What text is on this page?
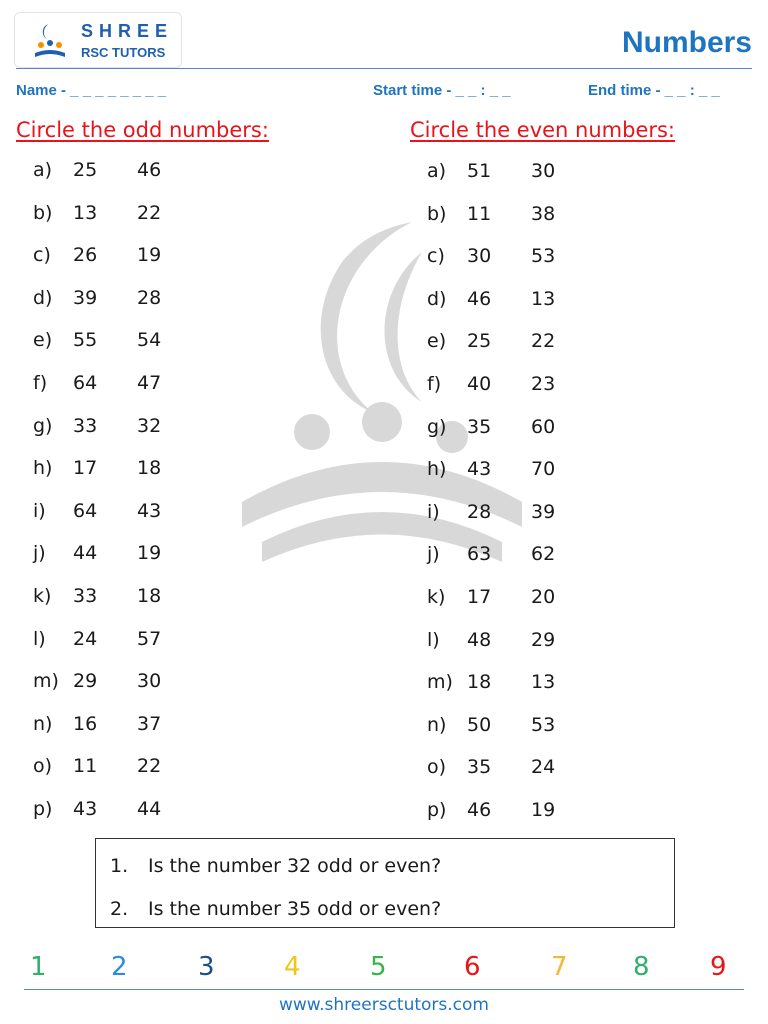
SHREE
RSC TUTORS	Numbers
Name - _ _ _ _ _ _ _ _	Start time - _ _ : _ _	End time - _ _ : _ _
Circle the odd numbers:	Circle the even numbers:
a) 25 46
b) 13 22
c) 26 19
d) 39 28
e) 55 54
f) 64 47
g) 33 32
h) 17 18
i) 64 43
j) 44 19
k) 33 18
l) 24 57
m) 29 30
n) 16 37
o) 11 22
p) 43 44
a) 51 30
b) 11 38
c) 30 53
d) 46 13
e) 25 22
f) 40 23
g) 35 60
h) 43 70
i) 28 39
j) 63 62
k) 17 20
l) 48 29
m) 18 13
n) 50 53
o) 35 24
p) 46 19
1. Is the number 32 odd or even?
2. Is the number 35 odd or even?
1 2	3	4	5	6	7	8 9
www.shreersctutors.com
